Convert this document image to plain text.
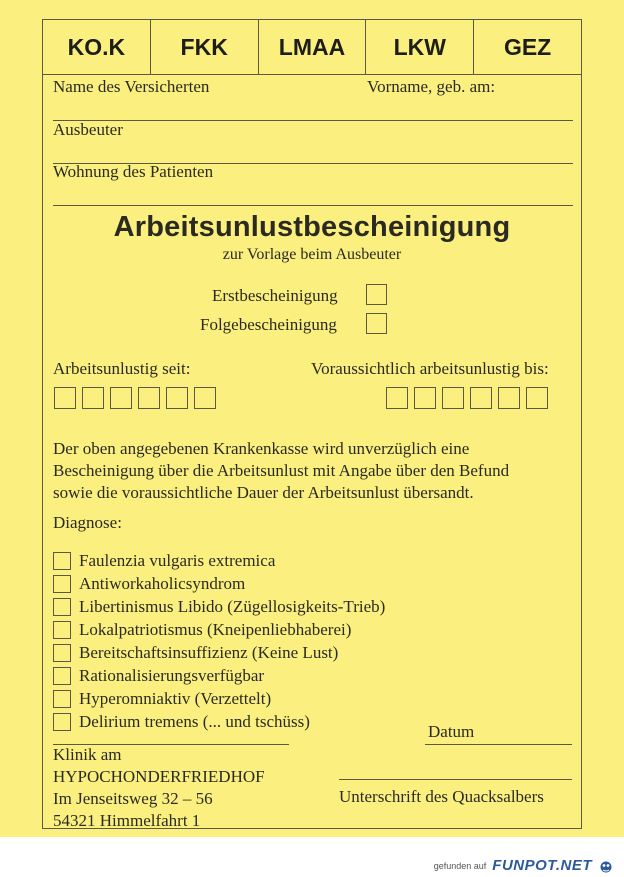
KO.K	FKK	LMAA	LKW	GEZ
Name des Versicherten	Vorname, geb. am:
Ausbeuter
Wohnung des Patienten
Arbeitsunlustbescheinigung
zur Vorlage beim Ausbeuter
Erstbescheinigung
Folgebescheinigung
Arbeitsunlustig seit:	Voraussichtlich arbeitsunlustig bis:
Der oben angegebenen Krankenkasse wird unverzüglich eine
Bescheinigung über die Arbeitsunlust mit Angabe über den Befund
sowie die voraussichtliche Dauer der Arbeitsunlust übersandt.
Diagnose:
Faulenzia vulgaris extremica
Antiworkaholicsyndrom
Libertinismus Libido (Zügellosigkeits-Trieb)
Lokalpatriotismus (Kneipenliebhaberei)
Bereitschaftsinsuffizienz (Keine Lust)
Rationalisierungsverfügbar
Hyperomniaktiv (Verzettelt)
Delirium tremens (... und tschüss)
Datum
Klinik am
HYPOCHONDERFRIEDHOF
Im Jenseitsweg 32 – 56
54321 Himmelfahrt 1
Unterschrift des Quacksalbers
gefunden auf FUNPOT.NET
